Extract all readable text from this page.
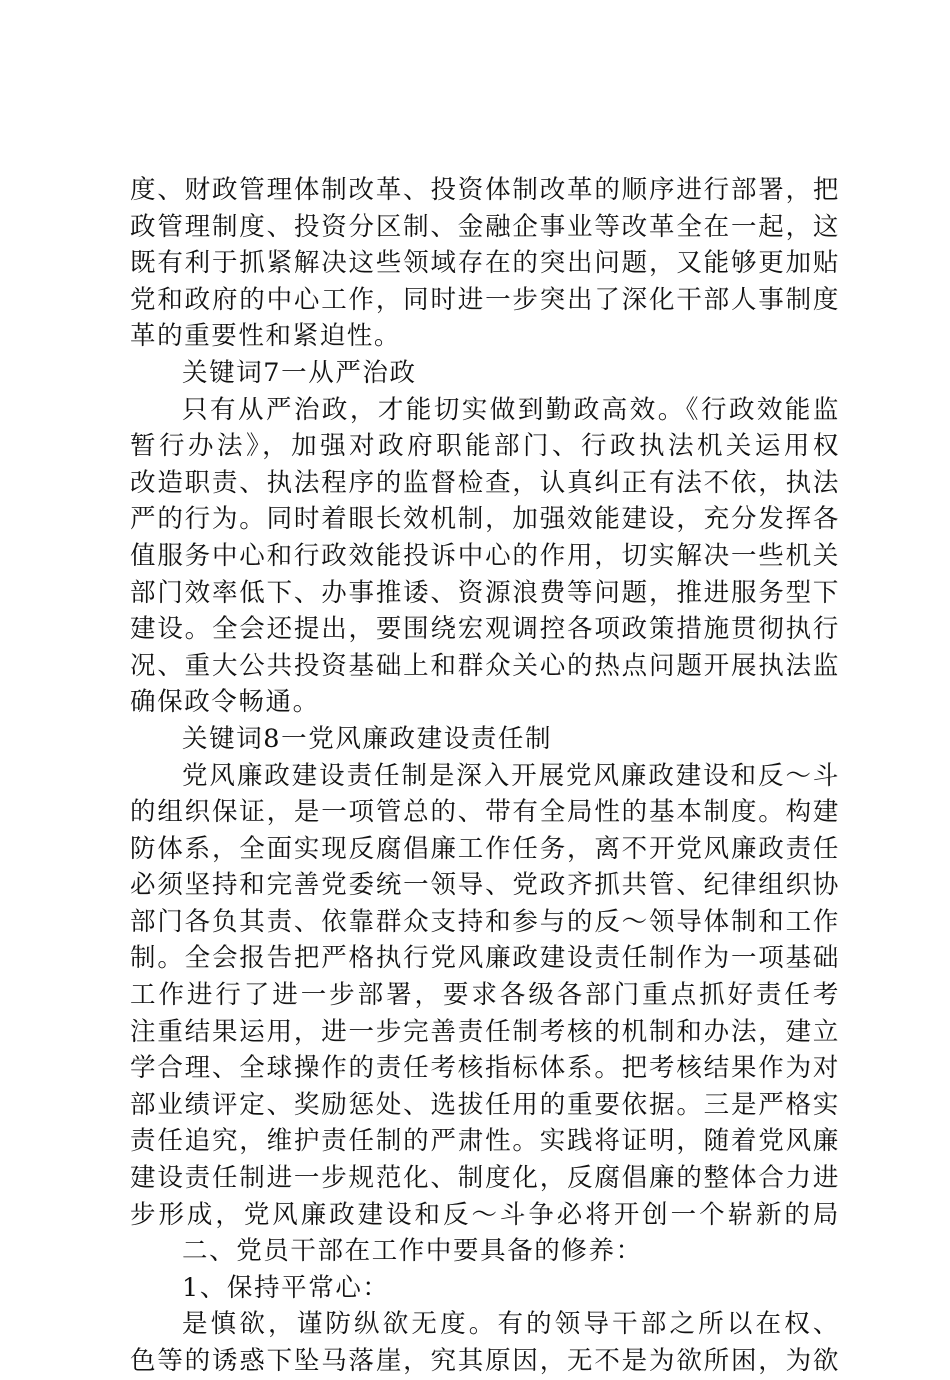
度、财政管理体制改革、投资体制改革的顺序进行部署，把
政管理制度、投资分区制、金融企事业等改革全在一起，这
既有利于抓紧解决这些领域存在的突出问题，又能够更加贴
党和政府的中心工作，同时进一步突出了深化干部人事制度
革的重要性和紧迫性。
关键词7一从严治政
只有从严治政，才能切实做到勤政高效。《行政效能监
暂行办法》，加强对政府职能部门、行政执法机关运用权
改造职责、执法程序的监督检查，认真纠正有法不依，执法
严的行为。同时着眼长效机制，加强效能建设，充分发挥各
值服务中心和行政效能投诉中心的作用，切实解决一些机关
部门效率低下、办事推诿、资源浪费等问题，推进服务型下
建设。全会还提出，要围绕宏观调控各项政策措施贯彻执行
况、重大公共投资基础上和群众关心的热点问题开展执法监
确保政令畅通。
关键词8一党风廉政建设责任制
党风廉政建设责任制是深入开展党风廉政建设和反～斗
的组织保证，是一项管总的、带有全局性的基本制度。构建
防体系，全面实现反腐倡廉工作任务，离不开党风廉政责任
必须坚持和完善党委统一领导、党政齐抓共管、纪律组织协
部门各负其责、依靠群众支持和参与的反～领导体制和工作
制。全会报告把严格执行党风廉政建设责任制作为一项基础
工作进行了进一步部署，要求各级各部门重点抓好责任考
注重结果运用，进一步完善责任制考核的机制和办法，建立
学合理、全球操作的责任考核指标体系。把考核结果作为对
部业绩评定、奖励惩处、选拔任用的重要依据。三是严格实
责任追究，维护责任制的严肃性。实践将证明，随着党风廉
建设责任制进一步规范化、制度化，反腐倡廉的整体合力进
步形成，党风廉政建设和反～斗争必将开创一个崭新的局
二、党员干部在工作中要具备的修养：
1、保持平常心：
是慎欲，谨防纵欲无度。有的领导干部之所以在权、
色等的诱惑下坠马落崖，究其原因，无不是为欲所困，为欲
